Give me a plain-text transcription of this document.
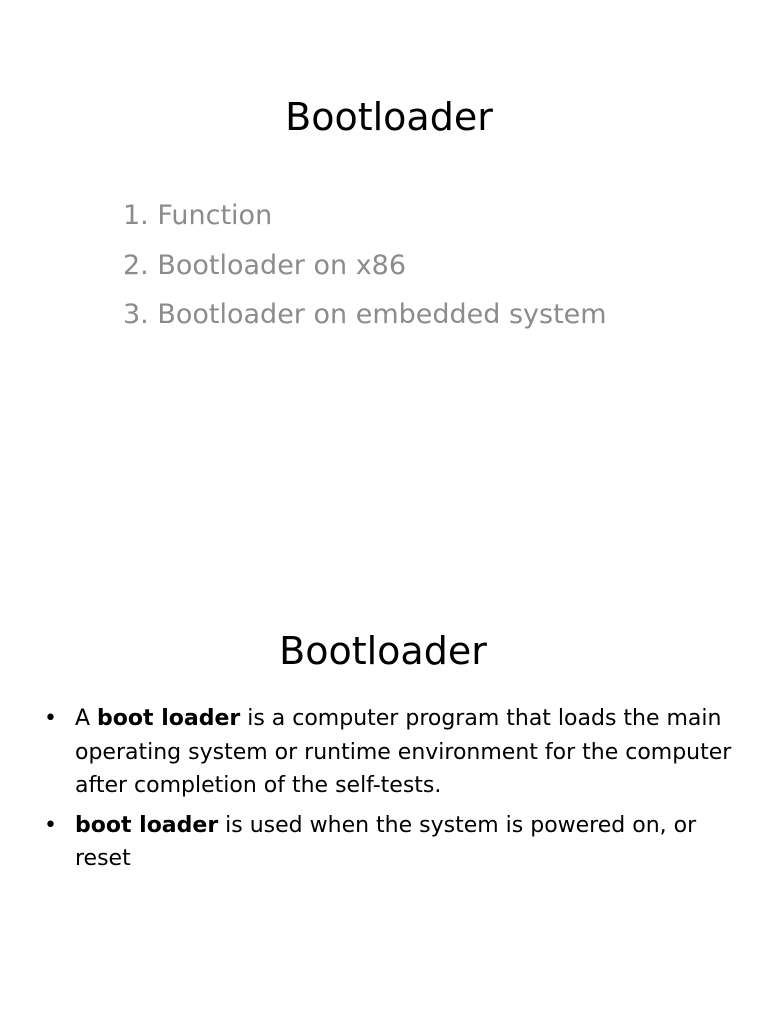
Bootloader
1. Function
2. Bootloader on x86
3. Bootloader on embedded system
Bootloader
• A boot loader is a computer program that loads the main operating system or runtime environment for the computer after completion of the self-tests.
• boot loader is used when the system is powered on, or reset
